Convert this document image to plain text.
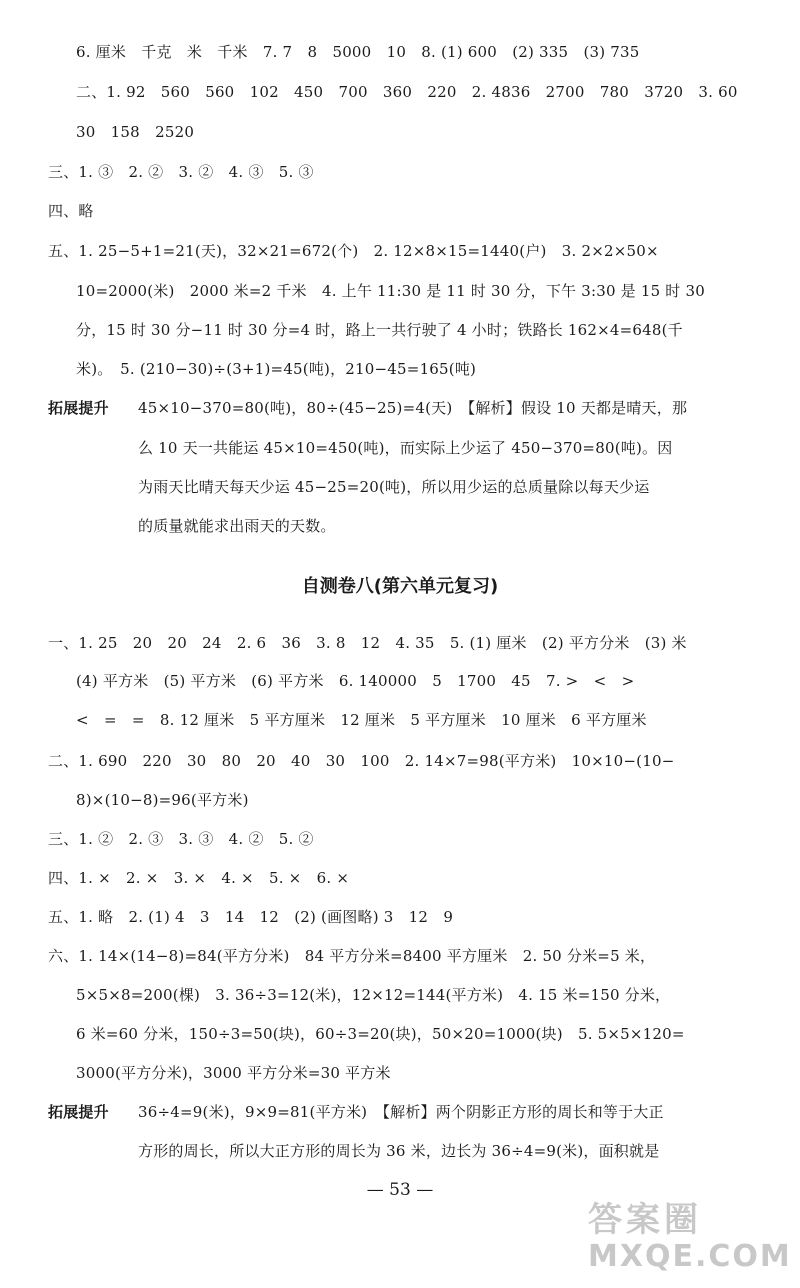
6. 厘米　千克　米　千米　7. 7　8　5000　10　8. (1) 600　(2) 335　(3) 735
二、1. 92　560　560　102　450　700　360　220　2. 4836　2700　780　3720　3. 60
30　158　2520
三、1. ③　2. ②　3. ②　4. ③　5. ③
四、略
五、1. 25−5+1=21(天)，32×21=672(个)　2. 12×8×15=1440(户)　3. 2×2×50×
10=2000(米)　2000 米=2 千米　4. 上午 11:30 是 11 时 30 分，下午 3:30 是 15 时 30
分，15 时 30 分−11 时 30 分=4 时，路上一共行驶了 4 小时；铁路长 162×4=648(千
米)。　5. (210−30)÷(3+1)=45(吨)，210−45=165(吨)
拓展提升	45×10−370=80(吨)，80÷(45−25)=4(天)　【解析】假设 10 天都是晴天，那
么 10 天一共能运 45×10=450(吨)，而实际上少运了 450−370=80(吨)。因
为雨天比晴天每天少运 45−25=20(吨)，所以用少运的总质量除以每天少运
的质量就能求出雨天的天数。
自测卷八(第六单元复习)
一、1. 25　20　20　24　2. 6　36　3. 8　12　4. 35　5. (1) 厘米　(2) 平方分米　(3) 米
(4) 平方米　(5) 平方米　(6) 平方米　6. 140000　5　1700　45　7. >　<　>
<　=　=　8. 12 厘米　5 平方厘米　12 厘米　5 平方厘米　10 厘米　6 平方厘米
二、1. 690　220　30　80　20　40　30　100　2. 14×7=98(平方米)　10×10−(10−
8)×(10−8)=96(平方米)
三、1. ②　2. ③　3. ③　4. ②　5. ②
四、1. ×　2. ×　3. ×　4. ×　5. ×　6. ×
五、1. 略　2. (1) 4　3　14　12　(2) (画图略) 3　12　9
六、1. 14×(14−8)=84(平方分米)　84 平方分米=8400 平方厘米　2. 50 分米=5 米，
5×5×8=200(棵)　3. 36÷3=12(米)，12×12=144(平方米)　4. 15 米=150 分米，
6 米=60 分米，150÷3=50(块)，60÷3=20(块)，50×20=1000(块)　5. 5×5×120=
3000(平方分米)，3000 平方分米=30 平方米
拓展提升	36÷4=9(米)，9×9=81(平方米)　【解析】两个阴影正方形的周长和等于大正
方形的周长，所以大正方形的周长为 36 米，边长为 36÷4=9(米)，面积就是
— 53 —
答案圈
MXQE.COM
